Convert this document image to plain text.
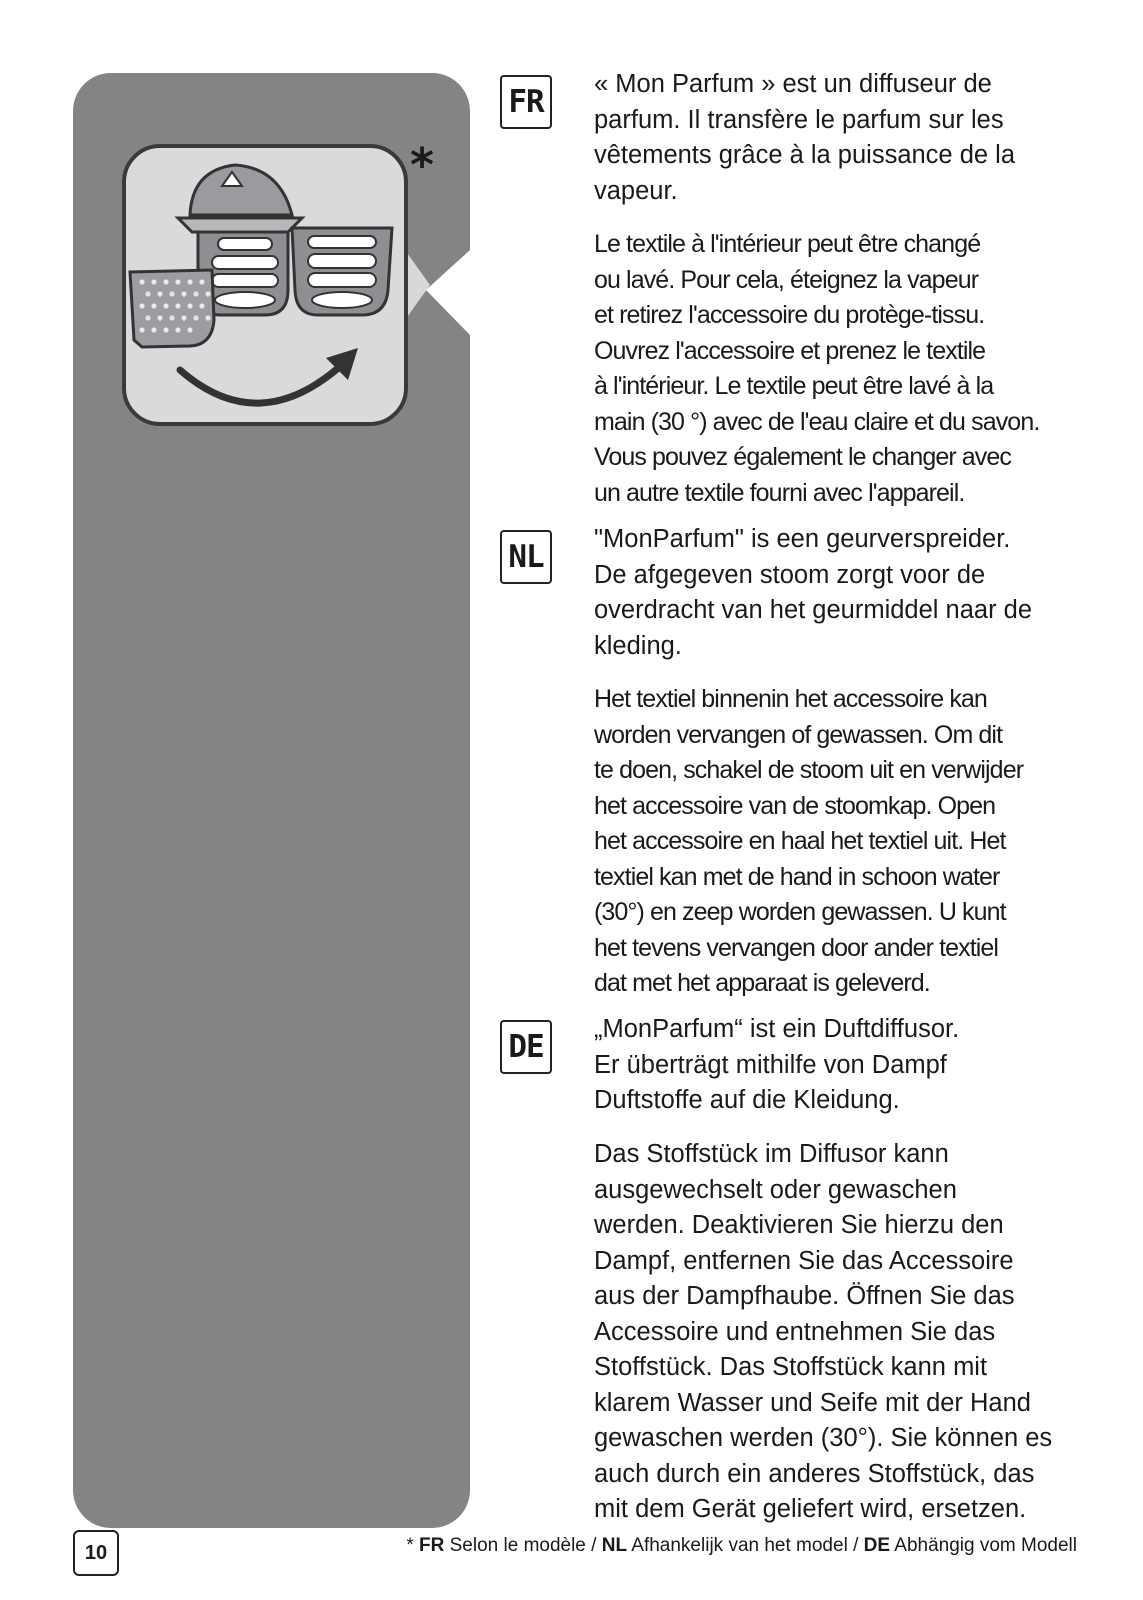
*
FR	« Mon Parfum » est un diffuseur de
parfum. Il transfère le parfum sur les
vêtements grâce à la puissance de la
vapeur.

Le textile à l'intérieur peut être changé
ou lavé. Pour cela, éteignez la vapeur
et retirez l'accessoire du protège-tissu.
Ouvrez l'accessoire et prenez le textile
à l'intérieur. Le textile peut être lavé à la
main (30 °) avec de l'eau claire et du savon.
Vous pouvez également le changer avec
un autre textile fourni avec l'appareil.

NL	"MonParfum" is een geurverspreider.
De afgegeven stoom zorgt voor de
overdracht van het geurmiddel naar de
kleding.

Het textiel binnenin het accessoire kan
worden vervangen of gewassen. Om dit
te doen, schakel de stoom uit en verwijder
het accessoire van de stoomkap. Open
het accessoire en haal het textiel uit. Het
textiel kan met de hand in schoon water
(30°) en zeep worden gewassen. U kunt
het tevens vervangen door ander textiel
dat met het apparaat is geleverd.

DE	„MonParfum“ ist ein Duftdiffusor.
Er überträgt mithilfe von Dampf
Duftstoffe auf die Kleidung.

Das Stoffstück im Diffusor kann
ausgewechselt oder gewaschen
werden. Deaktivieren Sie hierzu den
Dampf, entfernen Sie das Accessoire
aus der Dampfhaube. Öffnen Sie das
Accessoire und entnehmen Sie das
Stoffstück. Das Stoffstück kann mit
klarem Wasser und Seife mit der Hand
gewaschen werden (30°). Sie können es
auch durch ein anderes Stoffstück, das
mit dem Gerät geliefert wird, ersetzen.

10	* FR Selon le modèle / NL Afhankelijk van het model / DE Abhängig vom Modell
